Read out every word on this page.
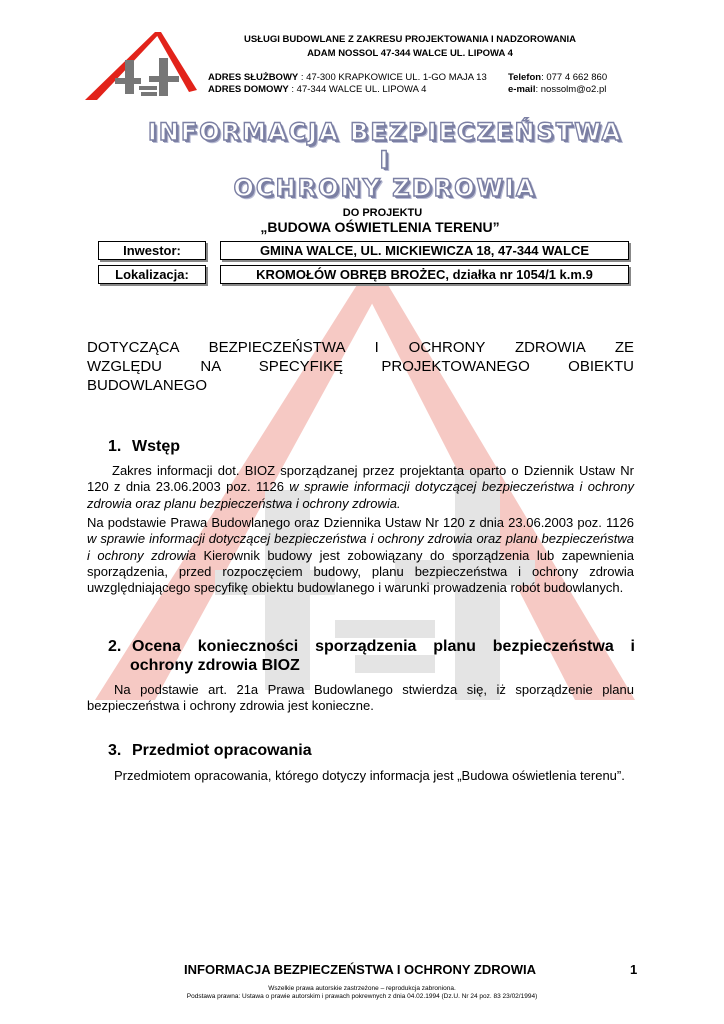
USŁUGI BUDOWLANE Z ZAKRESU PROJEKTOWANIA I NADZOROWANIA
ADAM NOSSOL 47-344 WALCE UL. LIPOWA 4
ADRES SŁUŻBOWY : 47-300 KRAPKOWICE UL. 1-GO MAJA 13 Telefon: 077 4 662 860
ADRES DOMOWY : 47-344 WALCE UL. LIPOWA 4	e-mail: nossolm@o2.pl
INFORMACJA BEZPIECZEŃSTWA
I
OCHRONY ZDROWIA
DO PROJEKTU
„BUDOWA OŚWIETLENIA TERENU”
Inwestor:	GMINA WALCE, UL. MICKIEWICZA 18, 47-344 WALCE
Lokalizacja:	KROMOŁÓW OBRĘB BROŻEC, działka nr 1054/1 k.m.9
DOTYCZĄCA BEZPIECZEŃSTWA I OCHRONY ZDROWIA ZE
WZGLĘDU NA SPECYFIKĘ PROJEKTOWANEGO OBIEKTU
BUDOWLANEGO
1. Wstęp
Zakres informacji dot. BIOZ sporządzanej przez projektanta oparto o Dziennik Ustaw Nr 120 z dnia 23.06.2003 poz. 1126 w sprawie informacji dotyczącej bezpieczeństwa i ochrony zdrowia oraz planu bezpieczeństwa i ochrony zdrowia.
Na podstawie Prawa Budowlanego oraz Dziennika Ustaw Nr 120 z dnia 23.06.2003 poz. 1126 w sprawie informacji dotyczącej bezpieczeństwa i ochrony zdrowia oraz planu bezpieczeństwa i ochrony zdrowia Kierownik budowy jest zobowiązany do sporządzenia lub zapewnienia sporządzenia, przed rozpoczęciem budowy, planu bezpieczeństwa i ochrony zdrowia uwzględniającego specyfikę obiektu budowlanego i warunki prowadzenia robót budowlanych.
2. Ocena konieczności sporządzenia planu bezpieczeństwa i
ochrony zdrowia BIOZ
Na podstawie art. 21a Prawa Budowlanego stwierdza się, iż sporządzenie planu bezpieczeństwa i ochrony zdrowia jest konieczne.
3. Przedmiot opracowania
Przedmiotem opracowania, którego dotyczy informacja jest „Budowa oświetlenia terenu”.
INFORMACJA BEZPIECZEŃSTWA I OCHRONY ZDROWIA	1
Wszelkie prawa autorskie zastrzeżone – reprodukcja zabroniona.
Podstawa prawna: Ustawa o prawie autorskim i prawach pokrewnych z dnia 04.02.1994 (Dz.U. Nr 24 poz. 83 23/02/1994)
